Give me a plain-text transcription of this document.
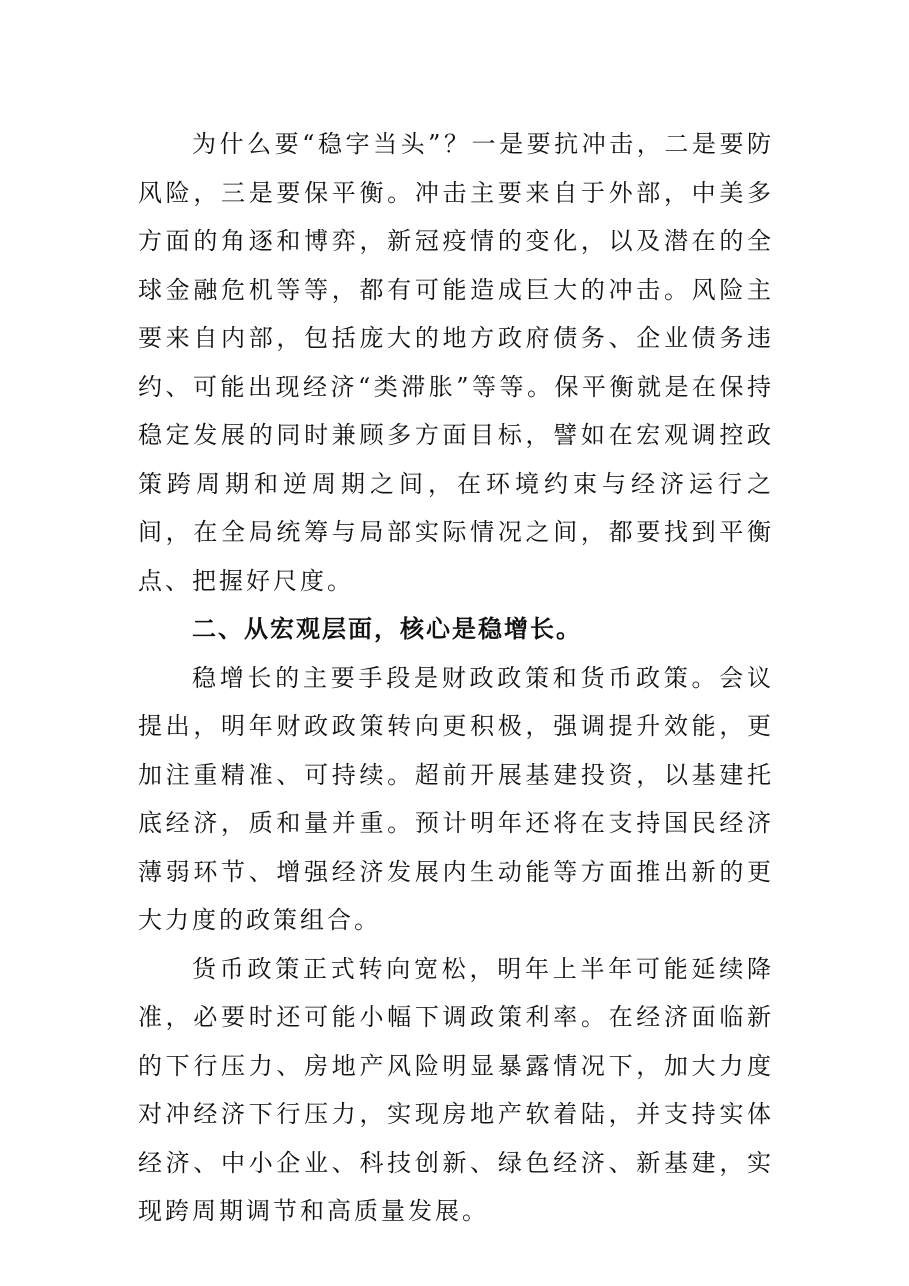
为什么要“稳字当头”？一是要抗冲击，二是要防风险，三是要保平衡。冲击主要来自于外部，中美多方面的角逐和博弈，新冠疫情的变化，以及潜在的全球金融危机等等，都有可能造成巨大的冲击。风险主要来自内部，包括庞大的地方政府债务、企业债务违约、可能出现经济“类滞胀”等等。保平衡就是在保持稳定发展的同时兼顾多方面目标，譬如在宏观调控政策跨周期和逆周期之间，在环境约束与经济运行之间，在全局统筹与局部实际情况之间，都要找到平衡点、把握好尺度。

二、从宏观层面，核心是稳增长。

稳增长的主要手段是财政政策和货币政策。会议提出，明年财政政策转向更积极，强调提升效能，更加注重精准、可持续。超前开展基建投资，以基建托底经济，质和量并重。预计明年还将在支持国民经济薄弱环节、增强经济发展内生动能等方面推出新的更大力度的政策组合。

货币政策正式转向宽松，明年上半年可能延续降准，必要时还可能小幅下调政策利率。在经济面临新的下行压力、房地产风险明显暴露情况下，加大力度对冲经济下行压力，实现房地产软着陆，并支持实体经济、中小企业、科技创新、绿色经济、新基建，实现跨周期调节和高质量发展。
